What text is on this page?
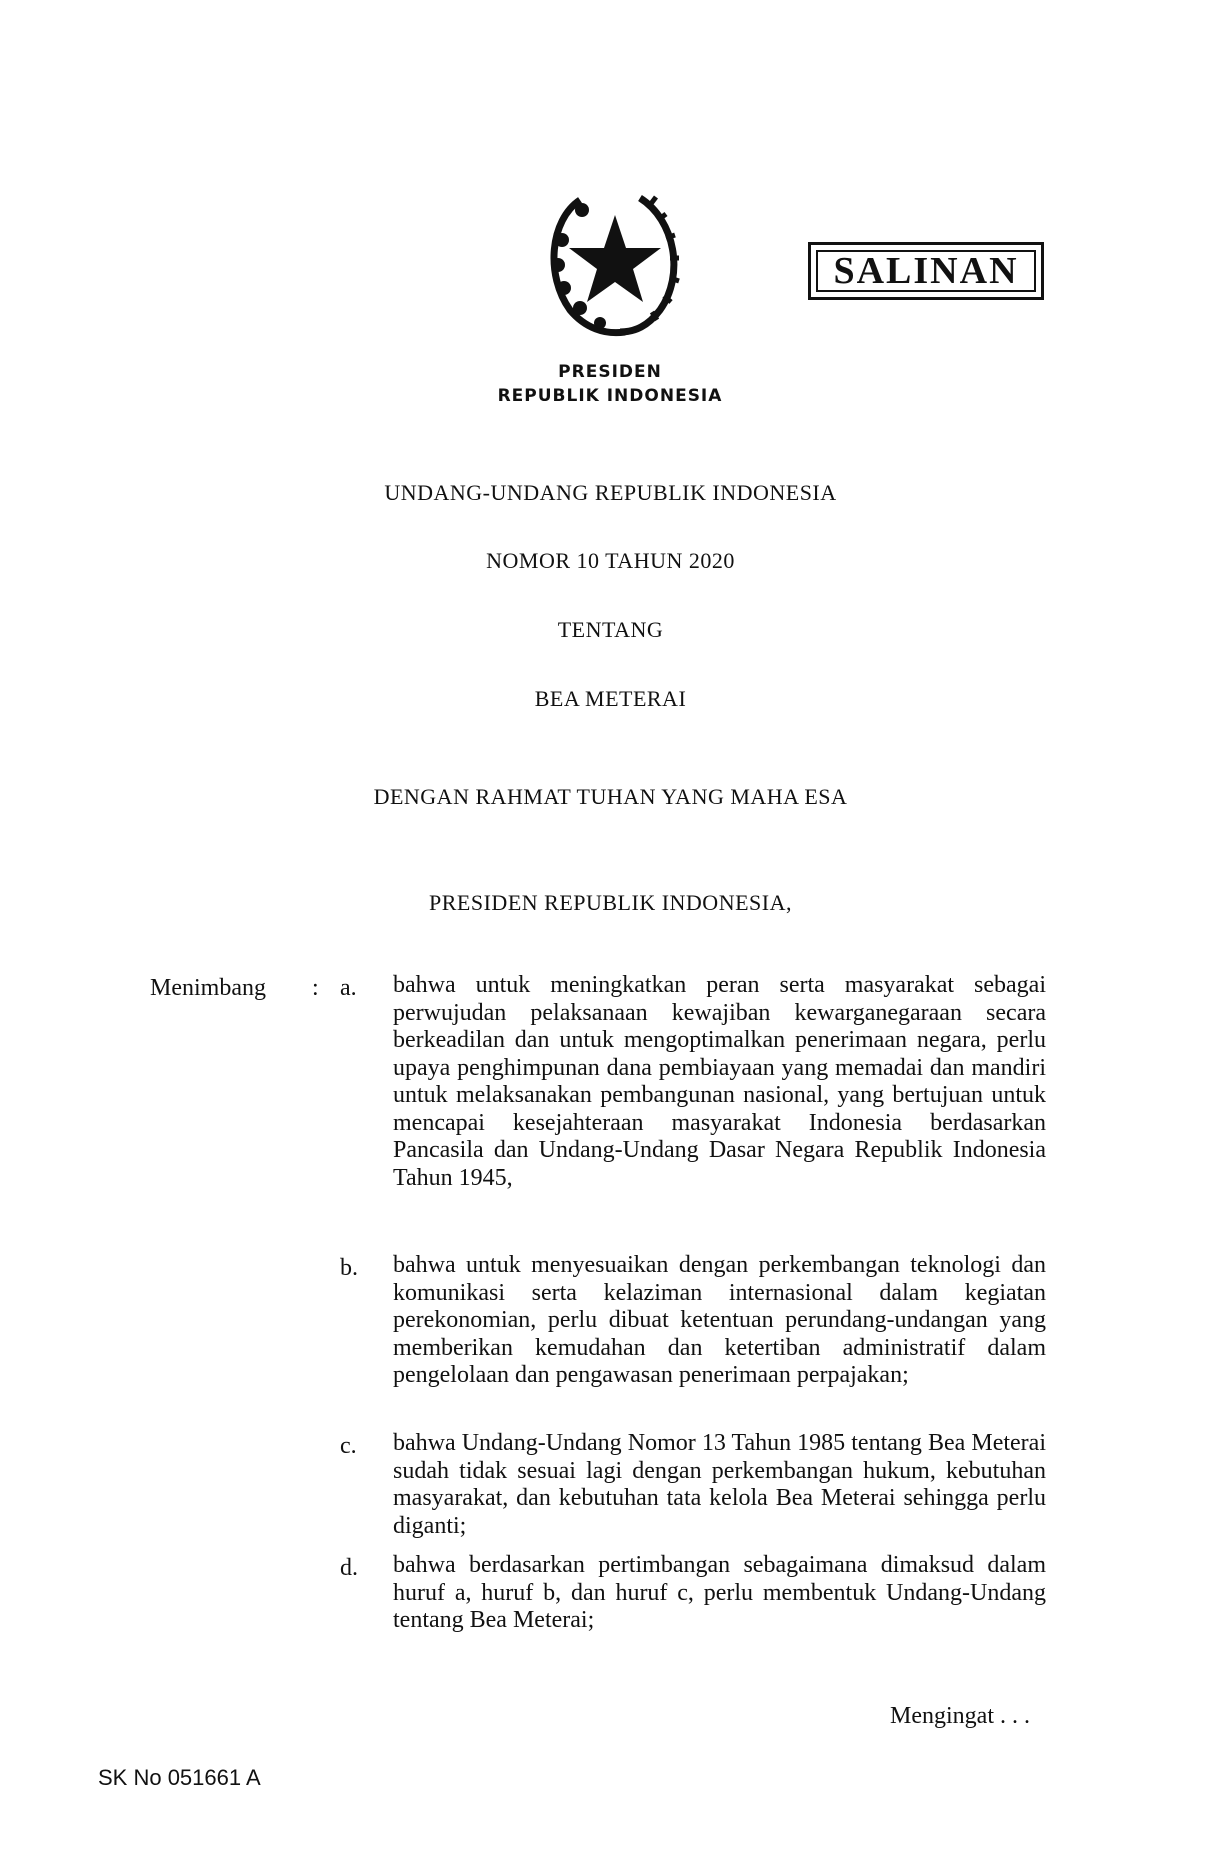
PRESIDEN
REPUBLIK INDONESIA
SALINAN
UNDANG-UNDANG REPUBLIK INDONESIA
NOMOR 10 TAHUN 2020
TENTANG
BEA METERAI
DENGAN RAHMAT TUHAN YANG MAHA ESA
PRESIDEN REPUBLIK INDONESIA,
Menimbang : a. bahwa untuk meningkatkan peran serta masyarakat sebagai perwujudan pelaksanaan kewajiban kewarganegaraan secara berkeadilan dan untuk mengoptimalkan penerimaan negara, perlu upaya penghimpunan dana pembiayaan yang memadai dan mandiri untuk melaksanakan pembangunan nasional, yang bertujuan untuk mencapai kesejahteraan masyarakat Indonesia berdasarkan Pancasila dan Undang-Undang Dasar Negara Republik Indonesia Tahun 1945,
b. bahwa untuk menyesuaikan dengan perkembangan teknologi dan komunikasi serta kelaziman internasional dalam kegiatan perekonomian, perlu dibuat ketentuan perundang-undangan yang memberikan kemudahan dan ketertiban administratif dalam pengelolaan dan pengawasan penerimaan perpajakan;
c. bahwa Undang-Undang Nomor 13 Tahun 1985 tentang Bea Meterai sudah tidak sesuai lagi dengan perkembangan hukum, kebutuhan masyarakat, dan kebutuhan tata kelola Bea Meterai sehingga perlu diganti;
d. bahwa berdasarkan pertimbangan sebagaimana dimaksud dalam huruf a, huruf b, dan huruf c, perlu membentuk Undang-Undang tentang Bea Meterai;
Mengingat . . .
SK No 051661 A
